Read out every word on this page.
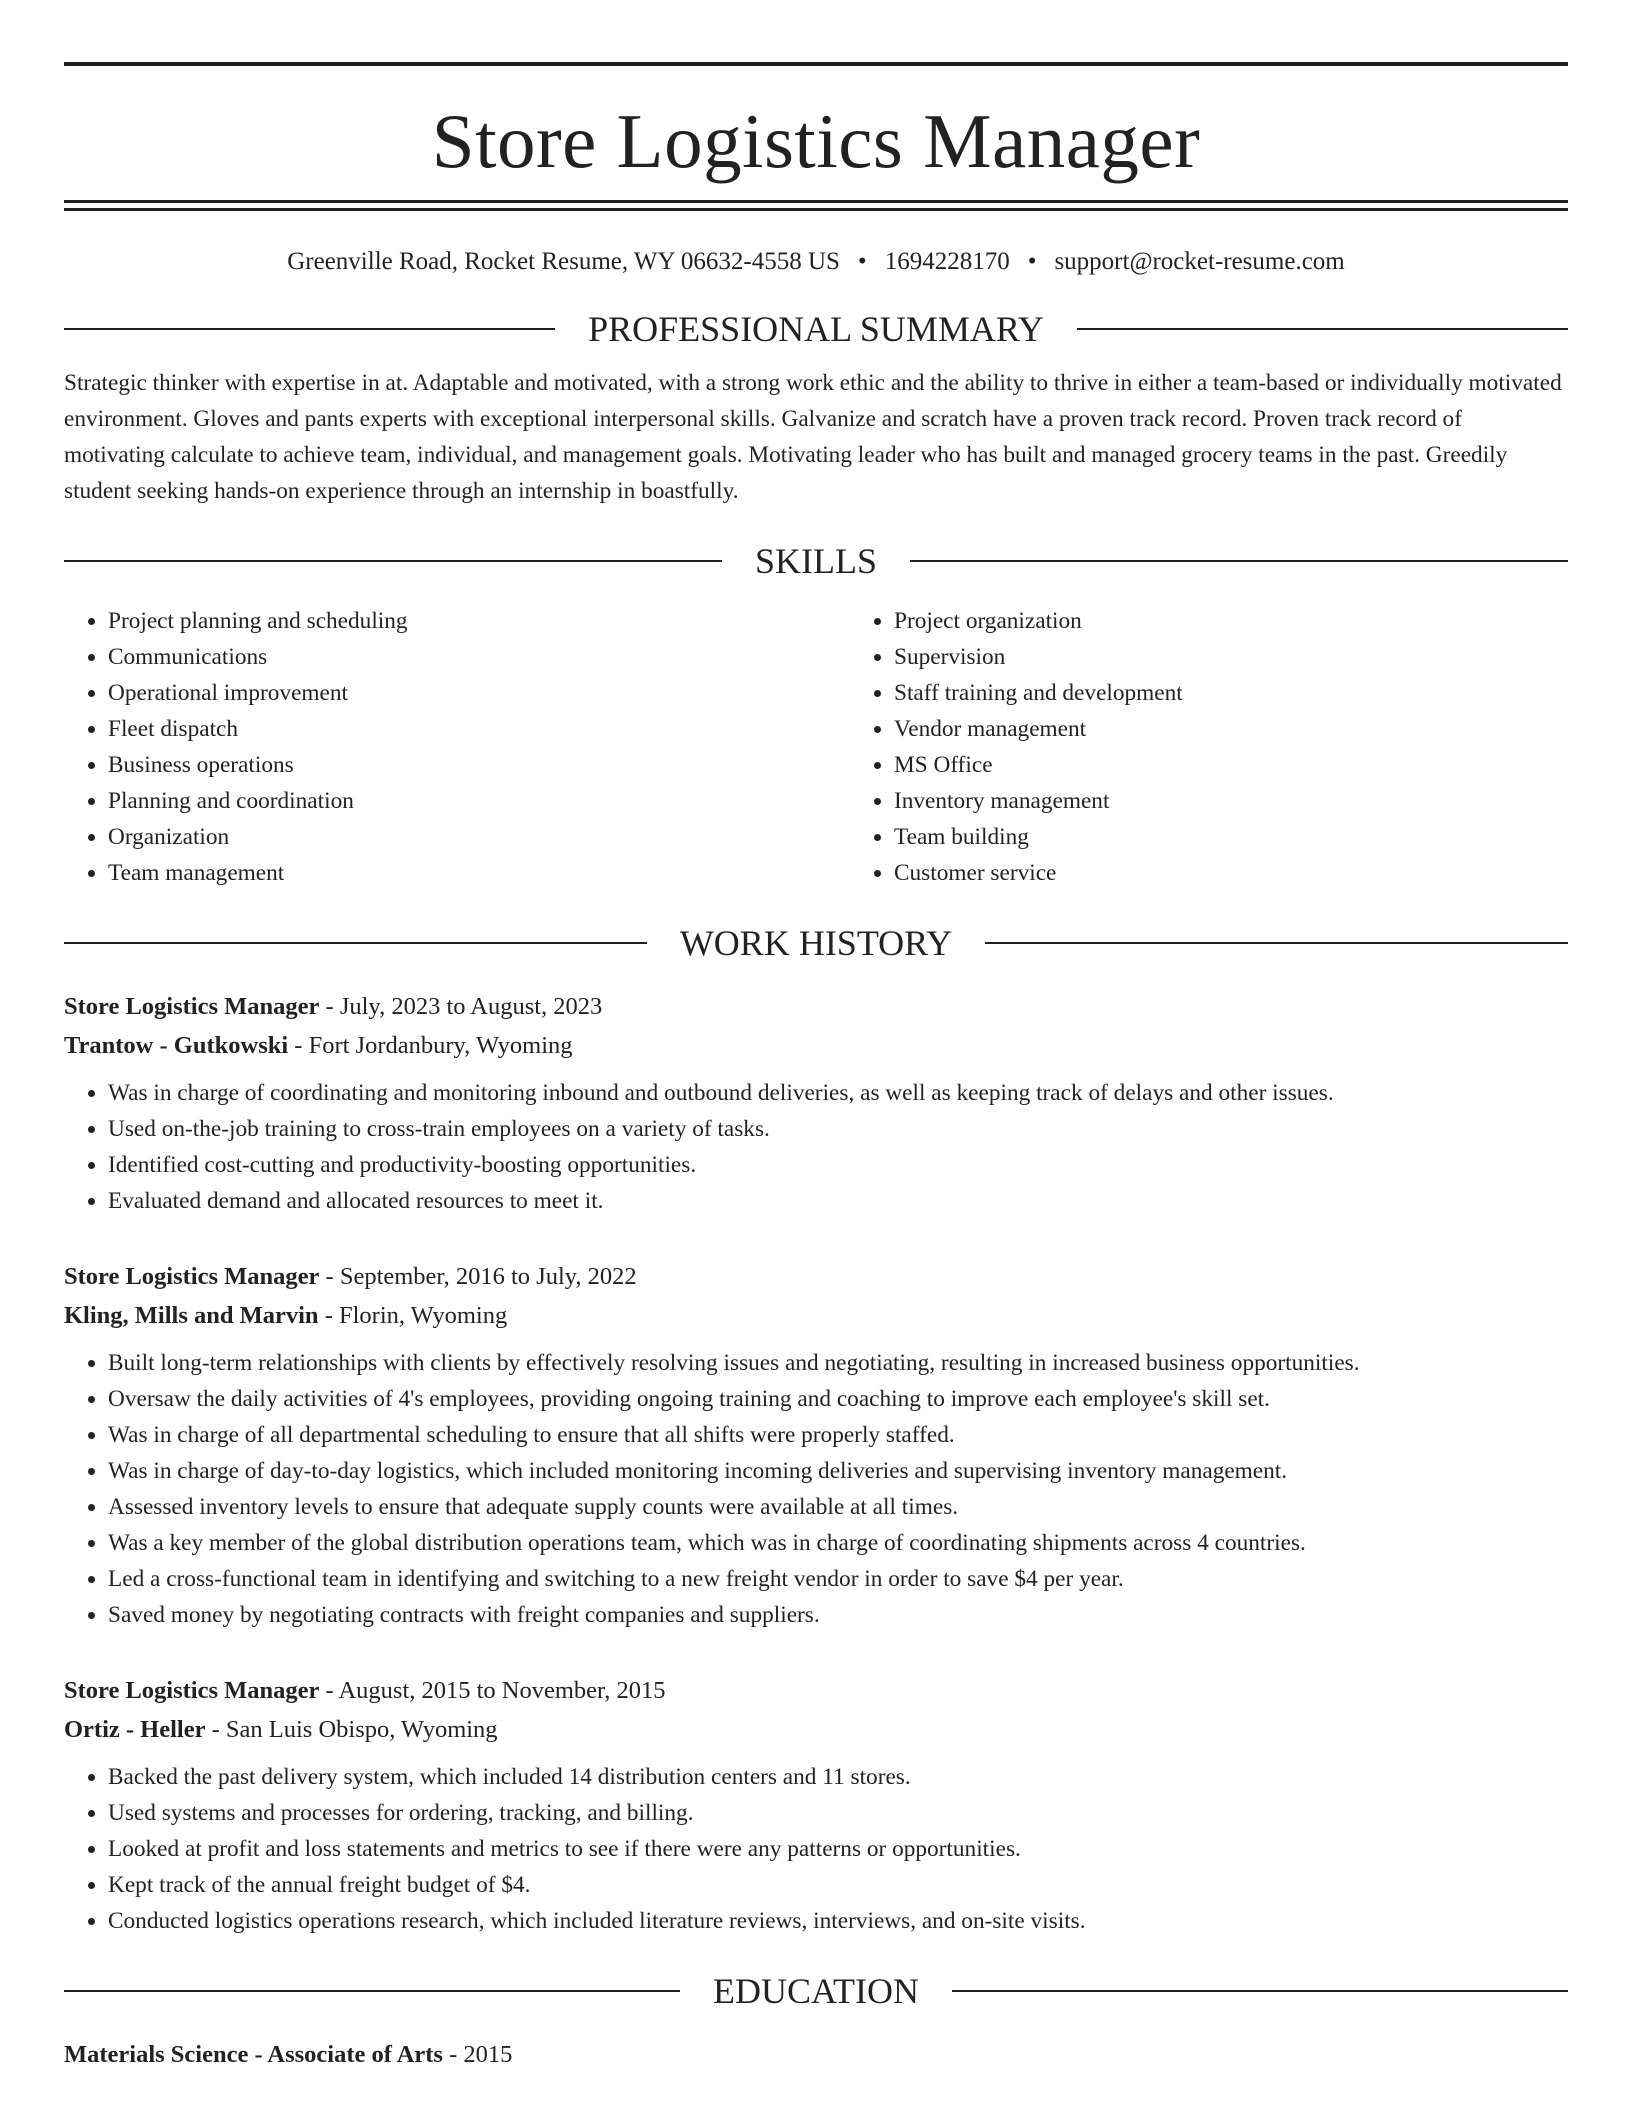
Store Logistics Manager
Greenville Road, Rocket Resume, WY 06632-4558 US • 1694228170 • support@rocket-resume.com
PROFESSIONAL SUMMARY
Strategic thinker with expertise in at. Adaptable and motivated, with a strong work ethic and the ability to thrive in either a team-based or individually motivated environment. Gloves and pants experts with exceptional interpersonal skills. Galvanize and scratch have a proven track record. Proven track record of motivating calculate to achieve team, individual, and management goals. Motivating leader who has built and managed grocery teams in the past. Greedily student seeking hands-on experience through an internship in boastfully.
SKILLS
• Project planning and scheduling
• Communications
• Operational improvement
• Fleet dispatch
• Business operations
• Planning and coordination
• Organization
• Team management
• Project organization
• Supervision
• Staff training and development
• Vendor management
• MS Office
• Inventory management
• Team building
• Customer service
WORK HISTORY
Store Logistics Manager - July, 2023 to August, 2023
Trantow - Gutkowski - Fort Jordanbury, Wyoming
• Was in charge of coordinating and monitoring inbound and outbound deliveries, as well as keeping track of delays and other issues.
• Used on-the-job training to cross-train employees on a variety of tasks.
• Identified cost-cutting and productivity-boosting opportunities.
• Evaluated demand and allocated resources to meet it.
Store Logistics Manager - September, 2016 to July, 2022
Kling, Mills and Marvin - Florin, Wyoming
• Built long-term relationships with clients by effectively resolving issues and negotiating, resulting in increased business opportunities.
• Oversaw the daily activities of 4's employees, providing ongoing training and coaching to improve each employee's skill set.
• Was in charge of all departmental scheduling to ensure that all shifts were properly staffed.
• Was in charge of day-to-day logistics, which included monitoring incoming deliveries and supervising inventory management.
• Assessed inventory levels to ensure that adequate supply counts were available at all times.
• Was a key member of the global distribution operations team, which was in charge of coordinating shipments across 4 countries.
• Led a cross-functional team in identifying and switching to a new freight vendor in order to save $4 per year.
• Saved money by negotiating contracts with freight companies and suppliers.
Store Logistics Manager - August, 2015 to November, 2015
Ortiz - Heller - San Luis Obispo, Wyoming
• Backed the past delivery system, which included 14 distribution centers and 11 stores.
• Used systems and processes for ordering, tracking, and billing.
• Looked at profit and loss statements and metrics to see if there were any patterns or opportunities.
• Kept track of the annual freight budget of $4.
• Conducted logistics operations research, which included literature reviews, interviews, and on-site visits.
EDUCATION
Materials Science - Associate of Arts - 2015
